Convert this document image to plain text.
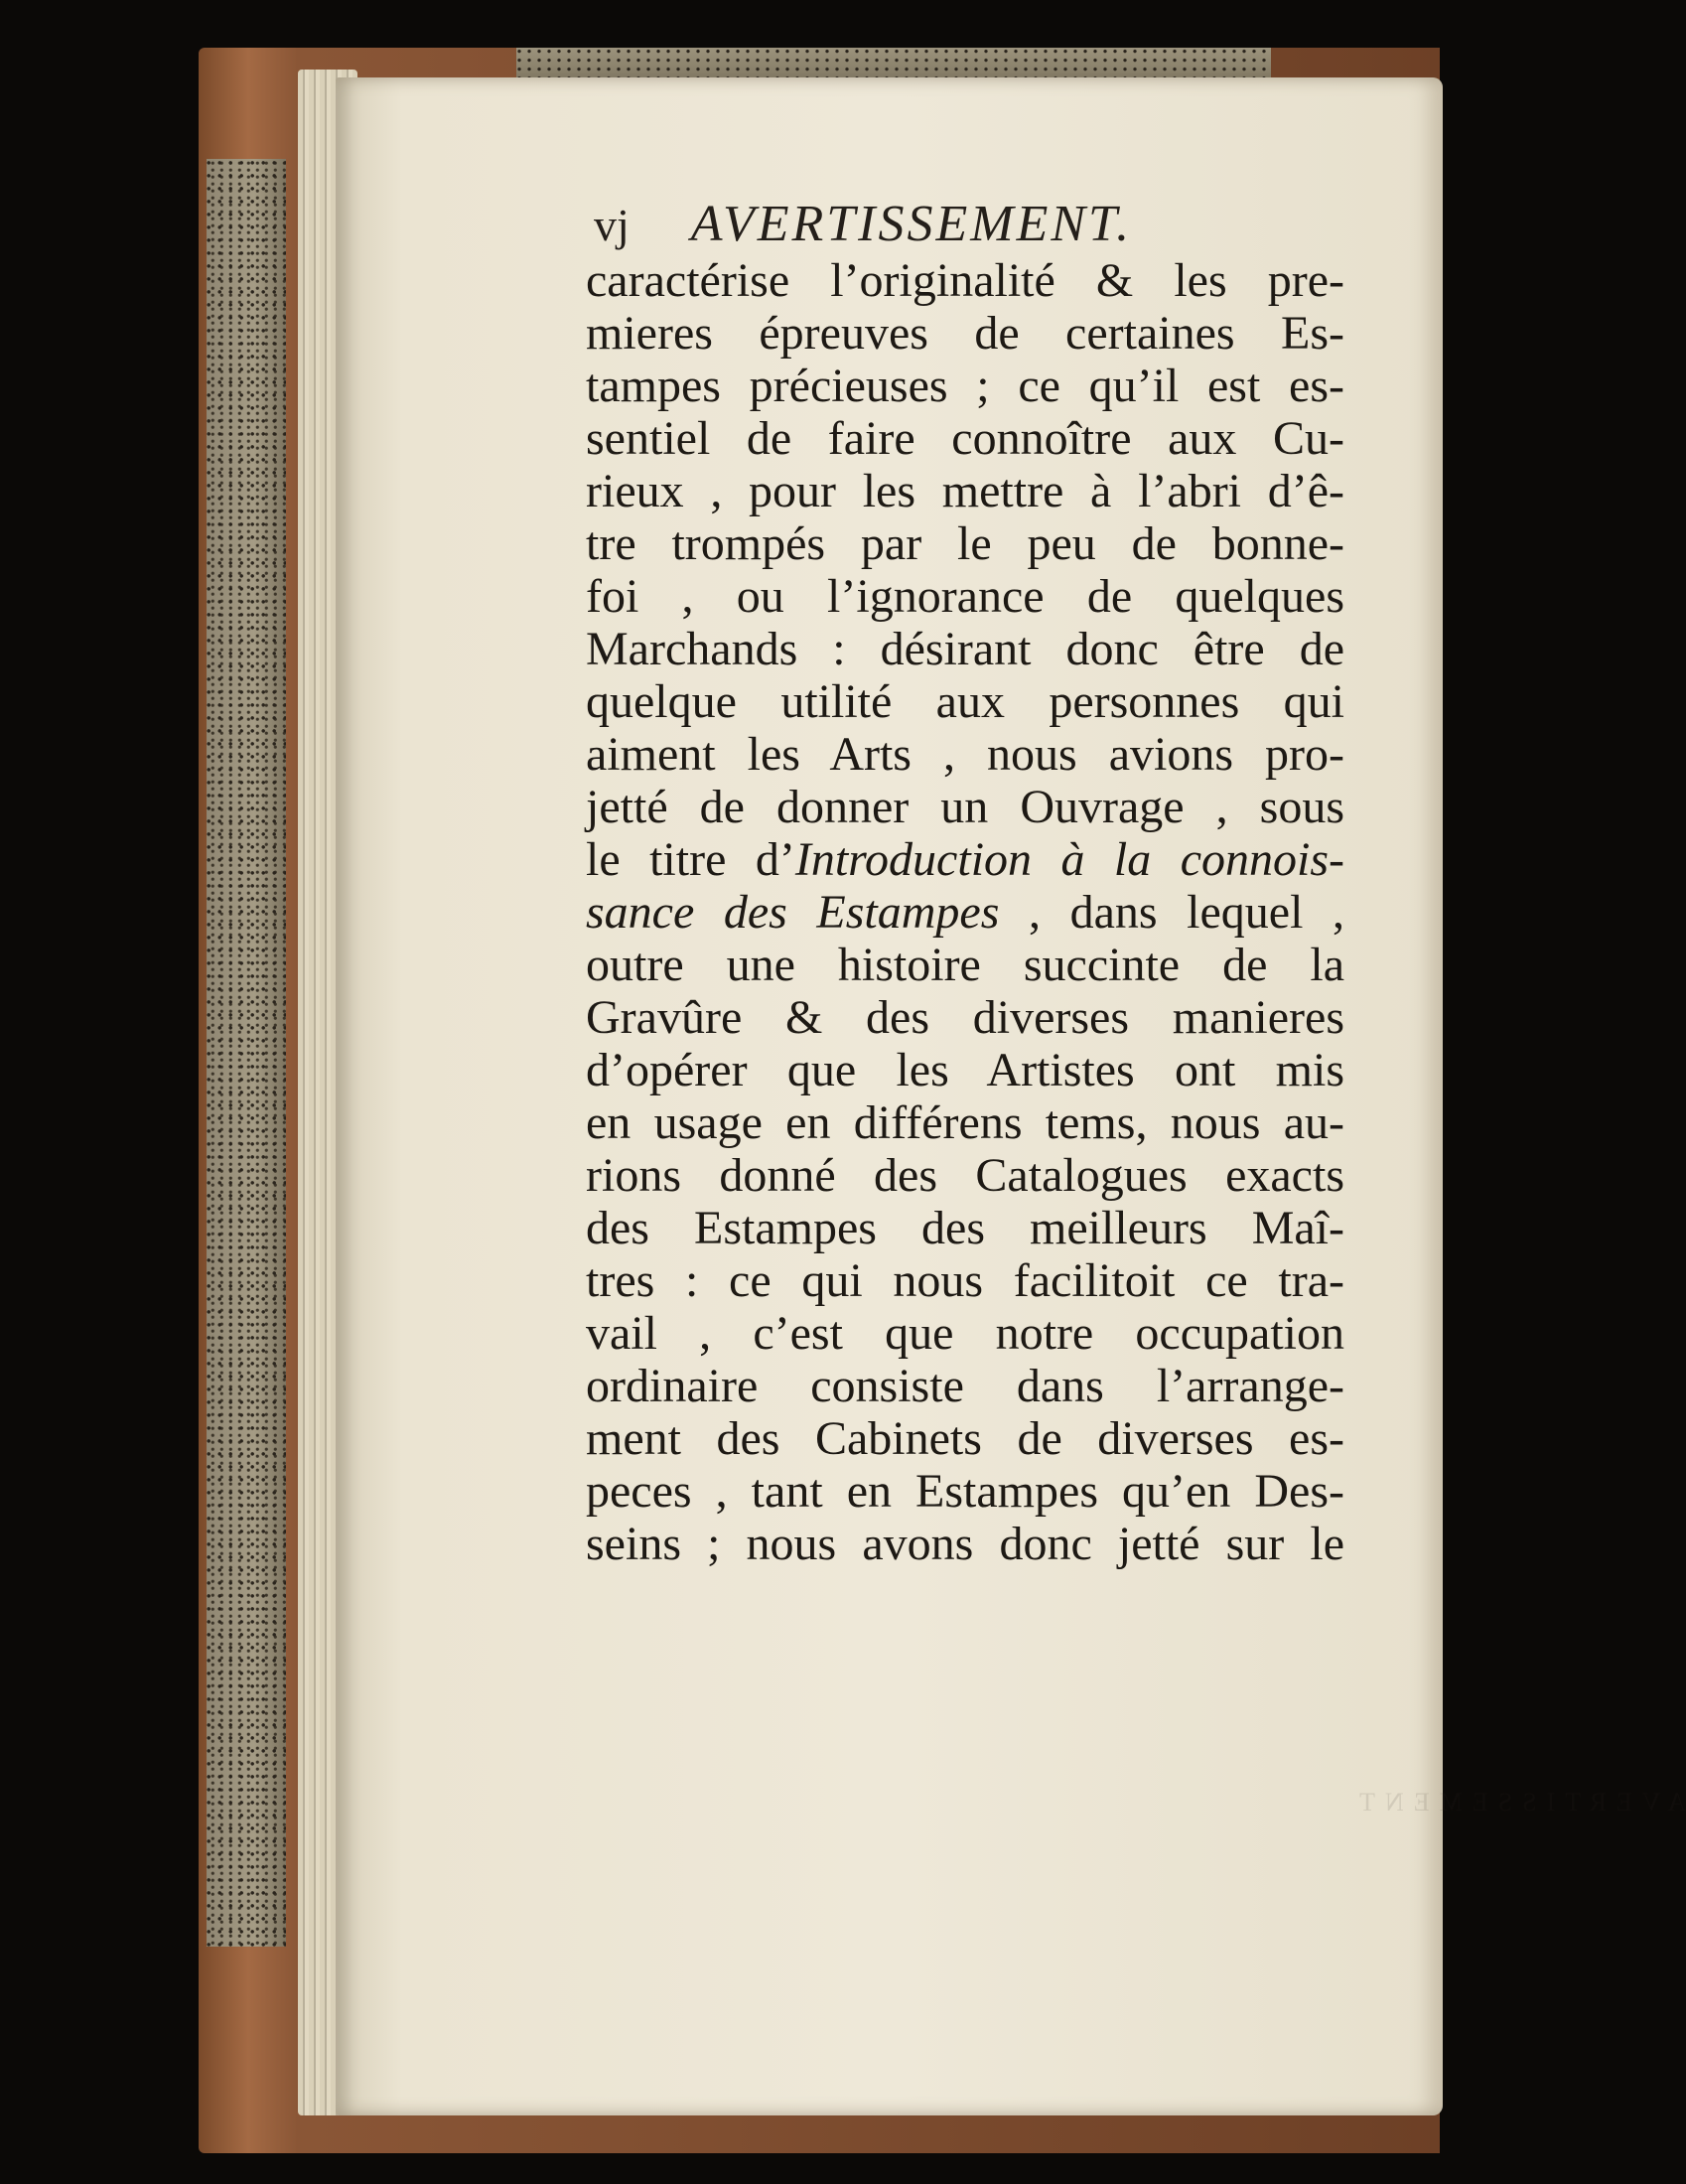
AVERTISSEMENT
vj AVERTISSEMENT.
caractérise l’originalité & les pre-
mieres épreuves de certaines Es-
tampes précieuses ; ce qu’il est es-
sentiel de faire connoître aux Cu-
rieux , pour les mettre à l’abri d’ê-
tre trompés par le peu de bonne-
foi , ou l’ignorance de quelques
Marchands : désirant donc être de
quelque utilité aux personnes qui
aiment les Arts , nous avions pro-
jetté de donner un Ouvrage , sous
le titre d’Introduction à la connois-
sance des Estampes , dans lequel ,
outre une histoire succinte de la
Gravûre & des diverses manieres
d’opérer que les Artistes ont mis
en usage en différens tems, nous au-
rions donné des Catalogues exacts
des Estampes des meilleurs Maî-
tres : ce qui nous facilitoit ce tra-
vail , c’est que notre occupation
ordinaire consiste dans l’arrange-
ment des Cabinets de diverses es-
peces , tant en Estampes qu’en Des-
seins ; nous avons donc jetté sur le
